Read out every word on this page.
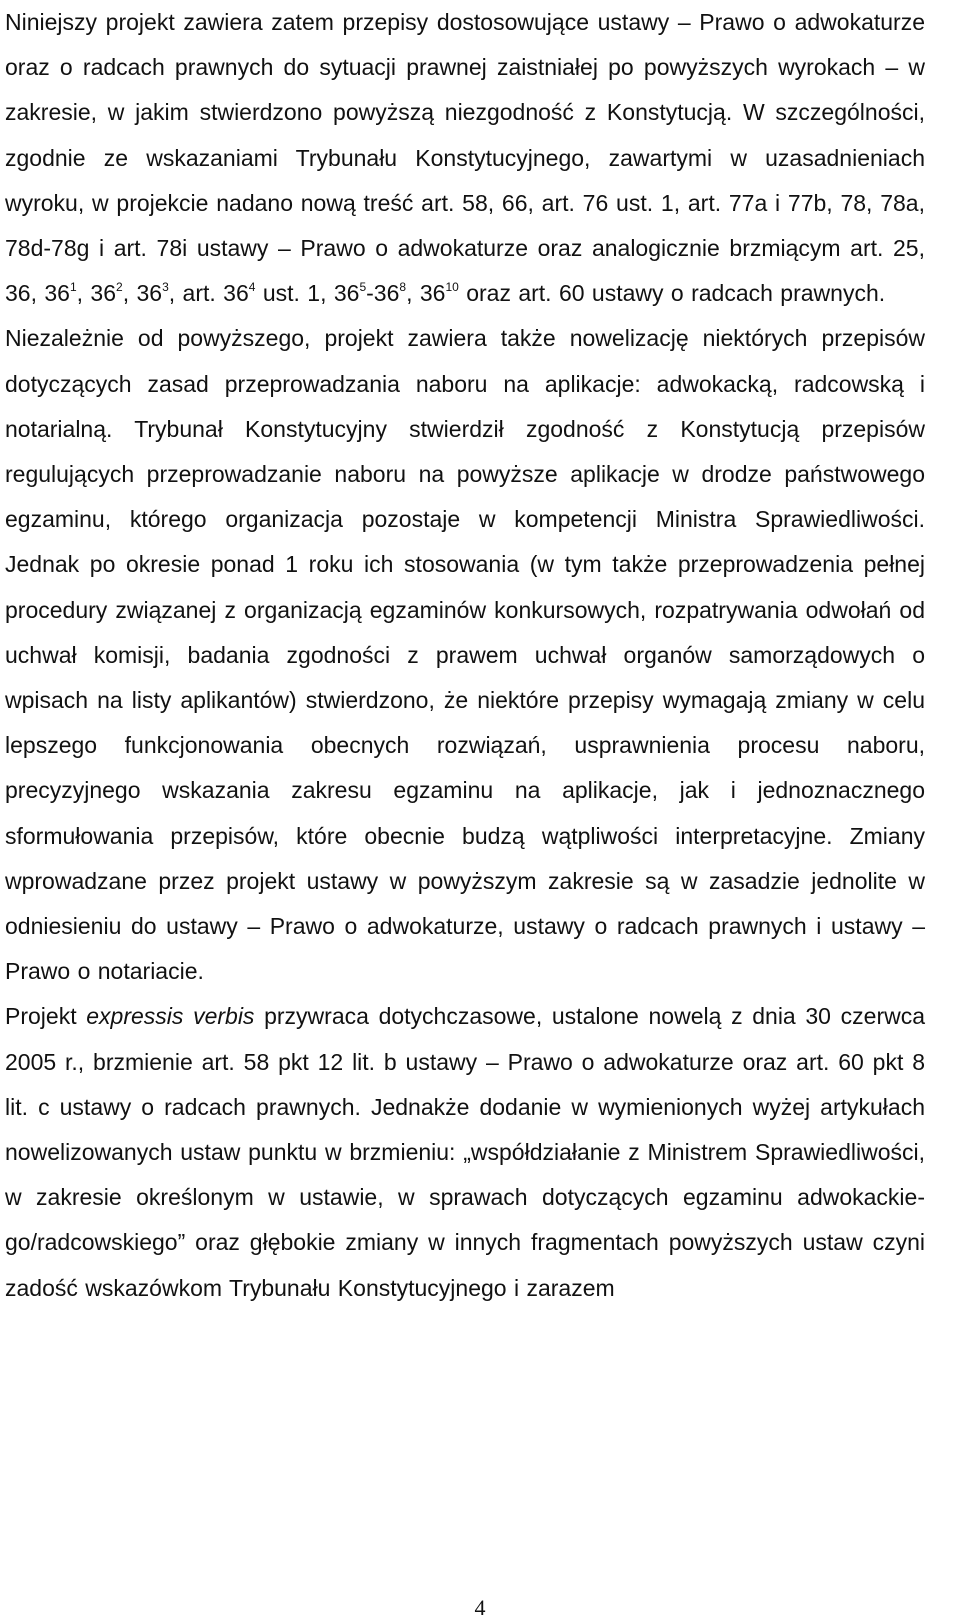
Niniejszy projekt zawiera zatem przepisy dostosowujące ustawy – Prawo o adwokaturze oraz o radcach prawnych do sytuacji prawnej zaistniałej po powyższych wyrokach – w zakresie, w jakim stwierdzono powyższą niezgodność z Konstytucją. W szczególności, zgodnie ze wskazaniami Trybunału Konstytucyjnego, zawartymi w uzasadnieniach wyroku, w projekcie nadano nową treść art. 58, 66, art. 76 ust. 1, art. 77a i 77b, 78, 78a, 78d-78g i art. 78i ustawy – Prawo o adwokaturze oraz analogicznie brzmiącym art. 25, 36, $36^1$, $36^2$, $36^3$, art. $36^4$ ust. 1, $36^5-36^8$, $36^{10}$ oraz art. 60 ustawy o radcach prawnych.

Niezależnie od powyższego, projekt zawiera także nowelizację niektórych przepisów dotyczących zasad przeprowadzania naboru na aplikacje: adwokacką, radcowską i notarialną. Trybunał Konstytucyjny stwierdził zgodność z Konstytucją przepisów regulujących przeprowadzanie naboru na powyższe aplikacje w drodze państwowego egzaminu, którego organizacja pozostaje w kompetencji Ministra Sprawiedliwości. Jednak po okresie ponad 1 roku ich stosowania (w tym także przeprowadzenia pełnej procedury związanej z organizacją egzaminów konkursowych, rozpatrywania odwołań od uchwał komisji, badania zgodności z prawem uchwał organów samorządowych o wpisach na listy aplikantów) stwierdzono, że niektóre przepisy wymagają zmiany w celu lepszego funkcjonowania obecnych rozwiązań, usprawnienia procesu naboru, precyzyjnego wskazania zakresu egzaminu na aplikacje, jak i jednoznacznego sformułowania przepisów, które obecnie budzą wątpliwości interpretacyjne. Zmiany wprowadzane przez projekt ustawy w powyższym zakresie są w zasadzie jednolite w odniesieniu do ustawy – Prawo o adwokaturze, ustawy o radcach prawnych i ustawy – Prawo o notariacie.

Projekt expressis verbis przywraca dotychczasowe, ustalone nowelą z dnia 30 czerwca 2005 r., brzmienie art. 58 pkt 12 lit. b ustawy – Prawo o adwokaturze oraz art. 60 pkt 8 lit. c ustawy o radcach prawnych. Jednakże dodanie w wymienionych wyżej artykułach nowelizowanych ustaw punktu w brzmieniu: „współdziałanie z Ministrem Sprawiedliwości, w zakresie określonym w ustawie, w sprawach dotyczących egzaminu adwokackie-go/radcowskiego” oraz głębokie zmiany w innych fragmentach powyższych ustaw czyni zadość wskazówkom Trybunału Konstytucyjnego i zarazem

4
